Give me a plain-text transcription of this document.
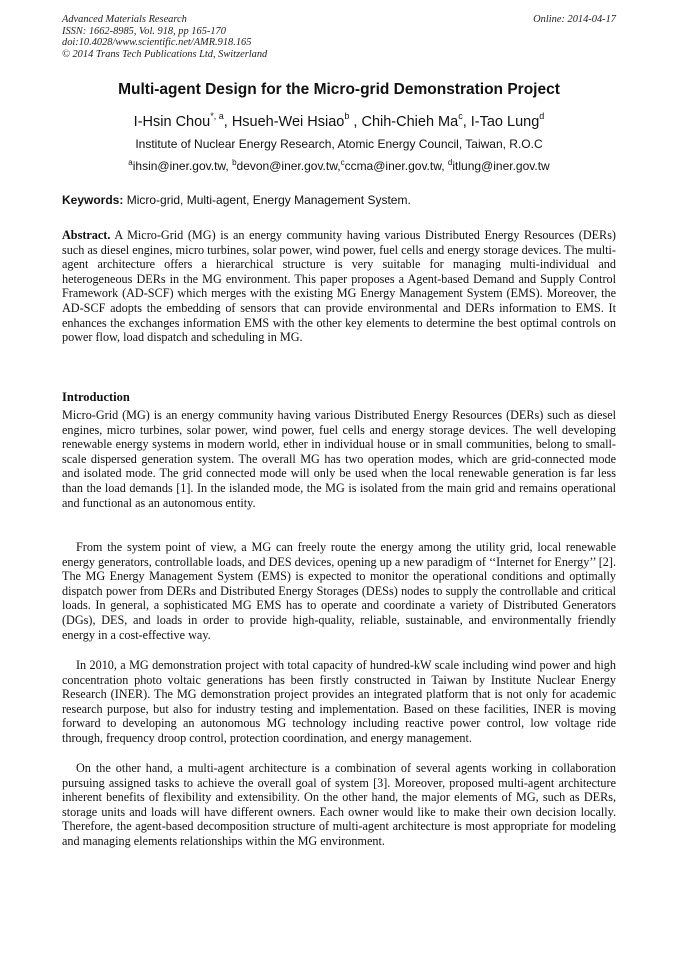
Advanced Materials Research
ISSN: 1662-8985, Vol. 918, pp 165-170
doi:10.4028/www.scientific.net/AMR.918.165
© 2014 Trans Tech Publications Ltd, Switzerland
Online: 2014-04-17
Multi-agent Design for the Micro-grid Demonstration Project
I-Hsin Chou$^{*, a}$, Hsueh-Wei Hsiao$^b$ , Chih-Chieh Ma$^c$, I-Tao Lung$^d$
Institute of Nuclear Energy Research, Atomic Energy Council, Taiwan, R.O.C
$^a$ihsin@iner.gov.tw, $^b$devon@iner.gov.tw,$^c$ccma@iner.gov.tw, $^d$itlung@iner.gov.tw
Keywords: Micro-grid, Multi-agent, Energy Management System.

Abstract. A Micro-Grid (MG) is an energy community having various Distributed Energy Resources (DERs) such as diesel engines, micro turbines, solar power, wind power, fuel cells and energy storage devices. The multi-agent architecture offers a hierarchical structure is very suitable for managing multi-individual and heterogeneous DERs in the MG environment. This paper proposes a Agent-based Demand and Supply Control Framework (AD-SCF) which merges with the existing MG Energy Management System (EMS). Moreover, the AD-SCF adopts the embedding of sensors that can provide environmental and DERs information to EMS. It enhances the exchanges information EMS with the other key elements to determine the best optimal controls on power flow, load dispatch and scheduling in MG.

Introduction

Micro-Grid (MG) is an energy community having various Distributed Energy Resources (DERs) such as diesel engines, micro turbines, solar power, wind power, fuel cells and energy storage devices. The well developing renewable energy systems in modern world, ether in individual house or in small communities, belong to small-scale dispersed generation system. The overall MG has two operation modes, which are grid-connected mode and isolated mode. The grid connected mode will only be used when the local renewable generation is far less than the load demands [1]. In the islanded mode, the MG is isolated from the main grid and remains operational and functional as an autonomous entity.

From the system point of view, a MG can freely route the energy among the utility grid, local renewable energy generators, controllable loads, and DES devices, opening up a new paradigm of ‘‘Internet for Energy’’ [2]. The MG Energy Management System (EMS) is expected to monitor the operational conditions and optimally dispatch power from DERs and Distributed Energy Storages (DESs) nodes to supply the controllable and critical loads. In general, a sophisticated MG EMS has to operate and coordinate a variety of Distributed Generators (DGs), DES, and loads in order to provide high-quality, reliable, sustainable, and environmentally friendly energy in a cost-effective way.

In 2010, a MG demonstration project with total capacity of hundred-kW scale including wind power and high concentration photo voltaic generations has been firstly constructed in Taiwan by Institute Nuclear Energy Research (INER). The MG demonstration project provides an integrated platform that is not only for academic research purpose, but also for industry testing and implementation. Based on these facilities, INER is moving forward to developing an autonomous MG technology including reactive power control, low voltage ride through, frequency droop control, protection coordination, and energy management.

On the other hand, a multi-agent architecture is a combination of several agents working in collaboration pursuing assigned tasks to achieve the overall goal of system [3]. Moreover, proposed multi-agent architecture inherent benefits of flexibility and extensibility. On the other hand, the major elements of MG, such as DERs, storage units and loads will have different owners. Each owner would like to make their own decision locally. Therefore, the agent-based decomposition structure of multi-agent architecture is most appropriate for modeling and managing elements relationships within the MG environment.
